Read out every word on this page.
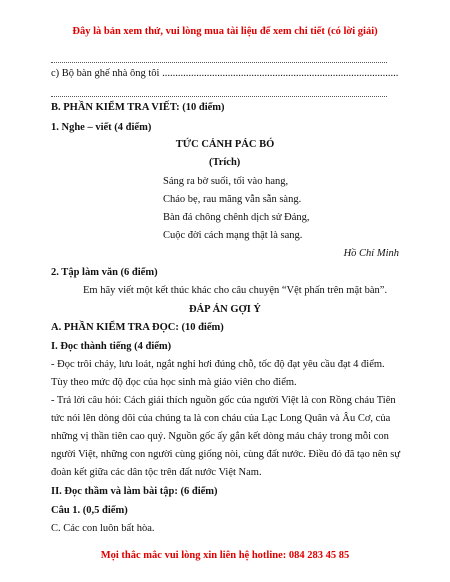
Đây là bản xem thử, vui lòng mua tài liệu để xem chi tiết (có lời giải)
c) Bộ bàn ghế nhà ông tôi ..........................................................................................
B. PHẦN KIỂM TRA VIẾT: (10 điểm)
1. Nghe – viết (4 điểm)
TỨC CẢNH PÁC BÓ
(Trích)
Sáng ra bờ suối, tối vào hang,
Cháo bẹ, rau măng vẫn sẵn sàng.
Bàn đá chông chênh dịch sử Đảng,
Cuộc đời cách mạng thật là sang.
Hồ Chí Minh
2. Tập làm văn (6 điểm)
Em hãy viết một kết thúc khác cho câu chuyện “Vệt phấn trên mặt bàn”.
ĐÁP ÁN GỢI Ý
A. PHẦN KIỂM TRA ĐỌC: (10 điểm)
I. Đọc thành tiếng (4 điểm)
- Đọc trôi chảy, lưu loát, ngắt nghỉ hơi đúng chỗ, tốc độ đạt yêu cầu đạt 4 điểm.
Tùy theo mức độ đọc của học sinh mà giáo viên cho điểm.
- Trả lời câu hỏi: Cách giải thích nguồn gốc của người Việt là con Rồng cháu Tiên
tức nói lên dòng dõi của chúng ta là con cháu của Lạc Long Quân và Âu Cơ, của
những vị thần tiên cao quý. Nguồn gốc ấy gắn kết dòng máu chảy trong mỗi con
người Việt, những con người cùng giống nòi, cùng đất nước. Điều đó đã tạo nên sự
đoàn kết giữa các dân tộc trên đất nước Việt Nam.
II. Đọc thầm và làm bài tập: (6 điểm)
Câu 1. (0,5 điểm)
C. Các con luôn bất hòa.
Mọi thắc mắc vui lòng xin liên hệ hotline: 084 283 45 85
